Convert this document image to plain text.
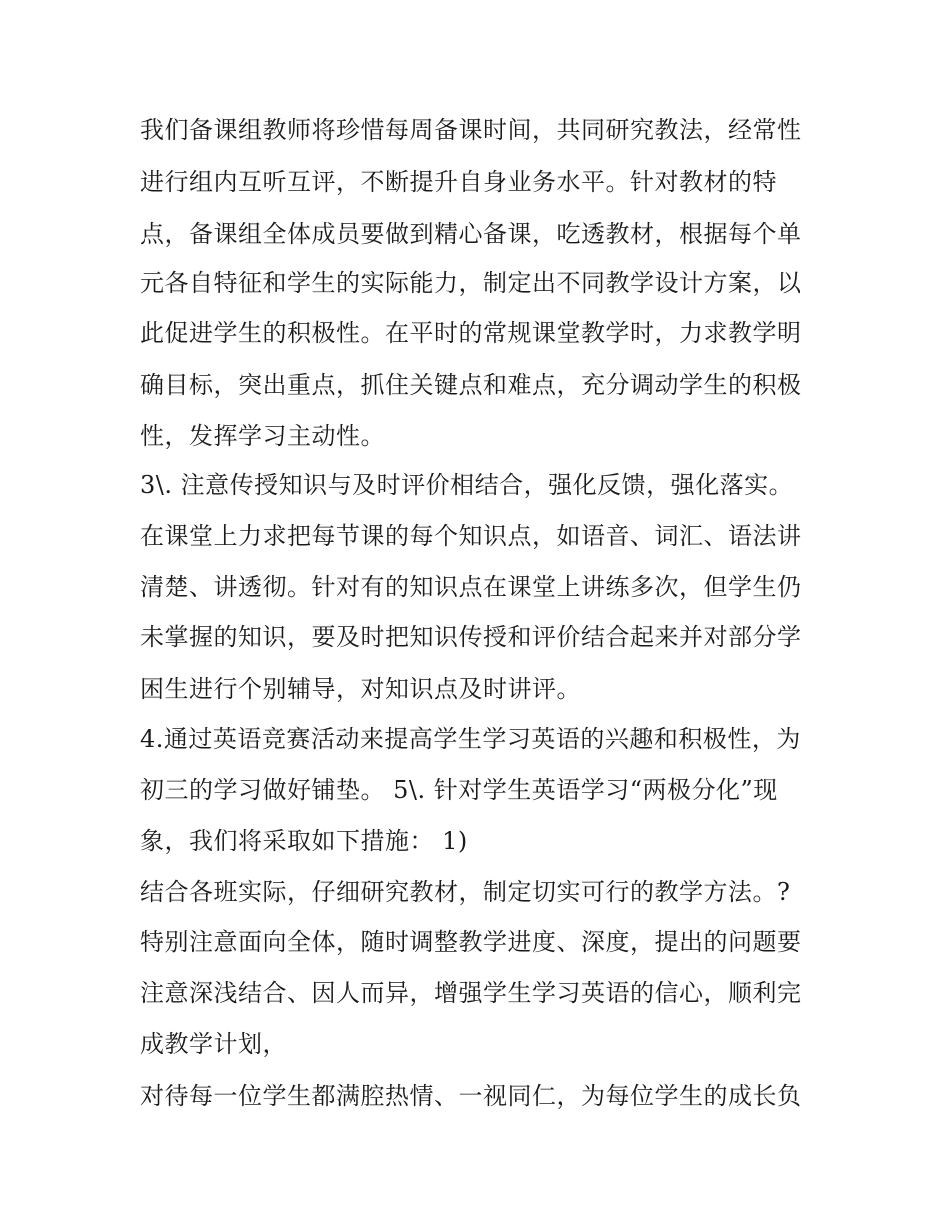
我们备课组教师将珍惜每周备课时间，共同研究教法，经常性
进行组内互听互评，不断提升自身业务水平。针对教材的特
点，备课组全体成员要做到精心备课，吃透教材，根据每个单
元各自特征和学生的实际能力，制定出不同教学设计方案，以
此促进学生的积极性。在平时的常规课堂教学时，力求教学明
确目标，突出重点，抓住关键点和难点，充分调动学生的积极
性，发挥学习主动性。
3\. 注意传授知识与及时评价相结合，强化反馈，强化落实。
在课堂上力求把每节课的每个知识点，如语音、词汇、语法讲
清楚、讲透彻。针对有的知识点在课堂上讲练多次，但学生仍
未掌握的知识，要及时把知识传授和评价结合起来并对部分学
困生进行个别辅导，对知识点及时讲评。
4.通过英语竞赛活动来提高学生学习英语的兴趣和积极性，为
初三的学习做好铺垫。 5\. 针对学生英语学习“两极分化”现
象，我们将采取如下措施： 1)
结合各班实际，仔细研究教材，制定切实可行的教学方法。?
特别注意面向全体，随时调整教学进度、深度，提出的问题要
注意深浅结合、因人而异，增强学生学习英语的信心，顺利完
成教学计划，
对待每一位学生都满腔热情、一视同仁，为每位学生的成长负
